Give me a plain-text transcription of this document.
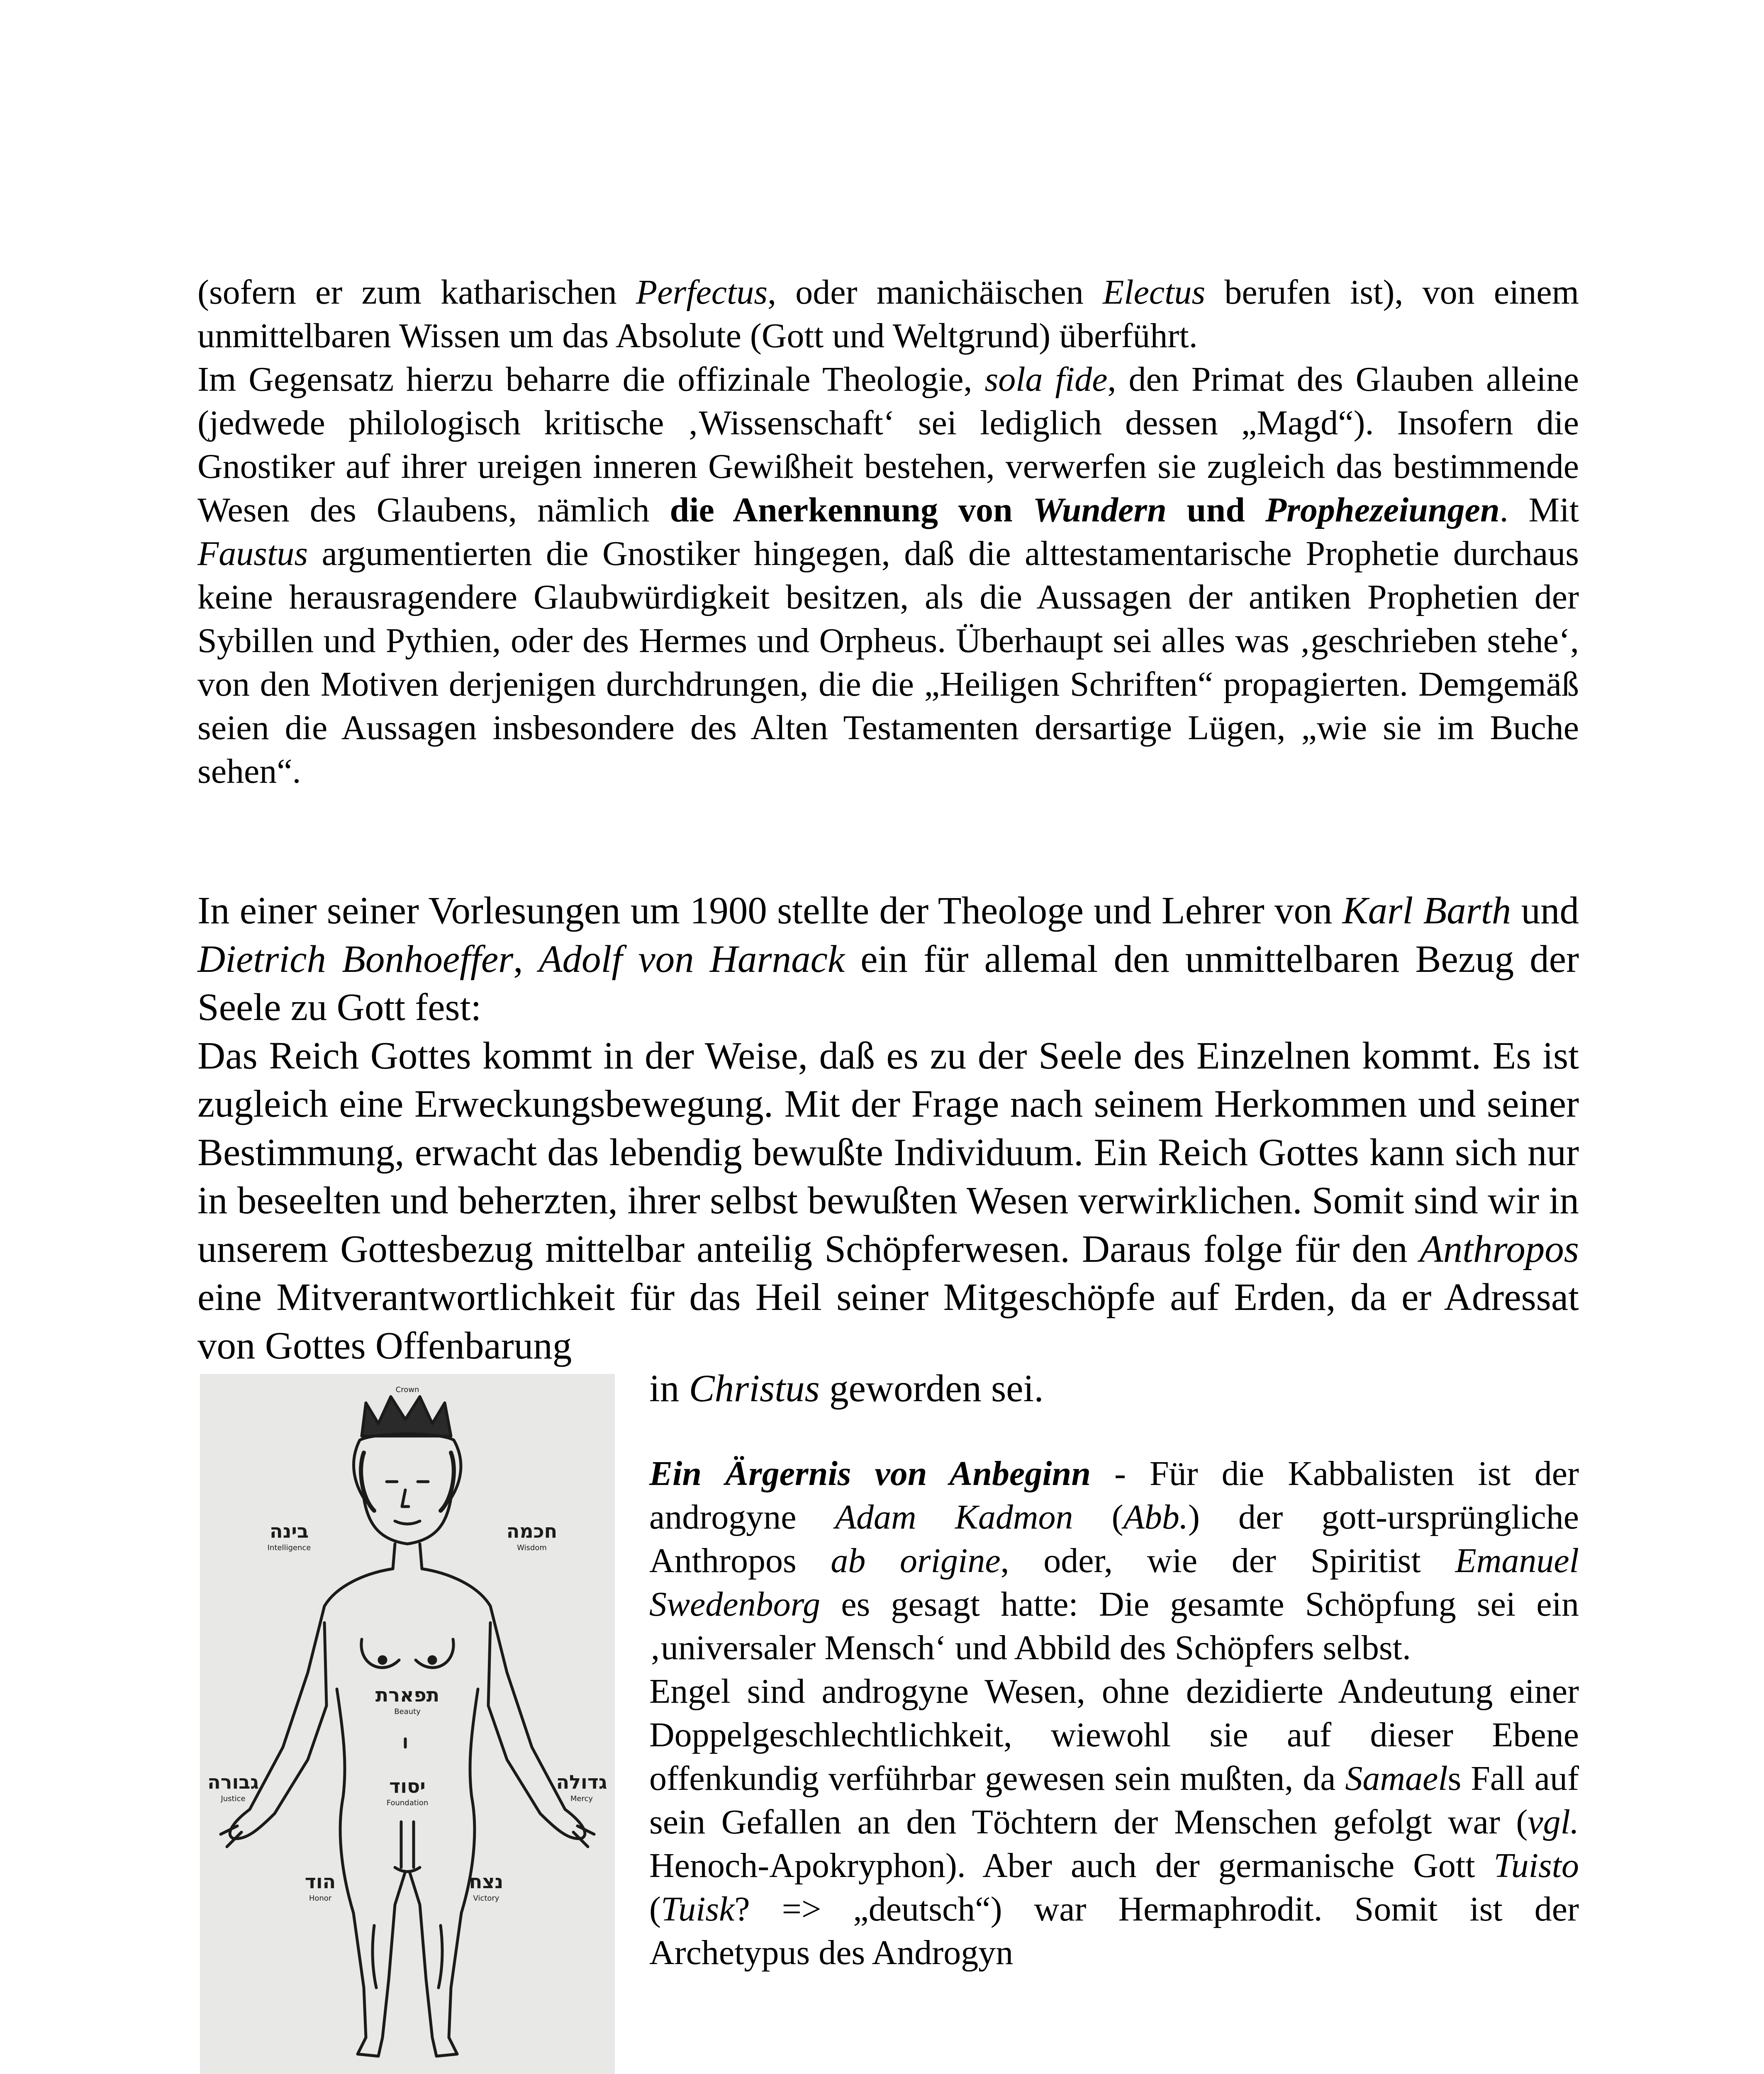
(sofern er zum katharischen Perfectus, oder manichäischen Electus berufen ist), von einem unmittelbaren Wissen um das Absolute (Gott und Weltgrund) überführt.
Im Gegensatz hierzu beharre die offizinale Theologie, sola fide, den Primat des Glauben alleine (jedwede philologisch kritische ‚Wissenschaft‘ sei lediglich dessen „Magd“). Insofern die Gnostiker auf ihrer ureigen inneren Gewißheit bestehen, verwerfen sie zugleich das bestimmende Wesen des Glaubens, nämlich die Anerkennung von Wundern und Prophezeiungen. Mit Faustus argumentierten die Gnostiker hingegen, daß die alttestamentarische Prophetie durchaus keine herausragendere Glaubwürdigkeit besitzen, als die Aussagen der antiken Prophetien der Sybillen und Pythien, oder des Hermes und Orpheus. Überhaupt sei alles was ‚geschrieben stehe‘, von den Motiven derjenigen durchdrungen, die die „Heiligen Schriften“ propagierten. Demgemäß seien die Aussagen insbesondere des Alten Testamenten dersartige Lügen, „wie sie im Buche sehen“.

In einer seiner Vorlesungen um 1900 stellte der Theologe und Lehrer von Karl Barth und Dietrich Bonhoeffer, Adolf von Harnack ein für allemal den unmittelbaren Bezug der Seele zu Gott fest:
Das Reich Gottes kommt in der Weise, daß es zu der Seele des Einzelnen kommt. Es ist zugleich eine Erweckungsbewegung. Mit der Frage nach seinem Herkommen und seiner Bestimmung, erwacht das lebendig bewußte Individuum. Ein Reich Gottes kann sich nur in beseelten und beherzten, ihrer selbst bewußten Wesen verwirklichen. Somit sind wir in unserem Gottesbezug mittelbar anteilig Schöpferwesen. Daraus folge für den Anthropos eine Mitverantwortlichkeit für das Heil seiner Mitgeschöpfe auf Erden, da er Adressat von Gottes Offenbarung

in Christus geworden sei.
Crown
בינה
Intelligence
חכמה
Wisdom
תפארת
Beauty
יסוד
Foundation
גבורה
Justice
גדולה
Mercy
הוד
Honor
נצח
Victory

Ein Ärgernis von Anbeginn - Für die Kabbalisten ist der androgyne Adam Kadmon (Abb.) der gott-ursprüngliche Anthropos ab origine, oder, wie der Spiritist Emanuel Swedenborg es gesagt hatte: Die gesamte Schöpfung sei ein ‚universaler Mensch‘ und Abbild des Schöpfers selbst.
Engel sind androgyne Wesen, ohne dezidierte Andeutung einer Doppelgeschlechtlichkeit, wiewohl sie auf dieser Ebene offenkundig verführbar gewesen sein mußten, da Samaels Fall auf sein Gefallen an den Töchtern der Menschen gefolgt war (vgl. Henoch-Apokryphon). Aber auch der germanische Gott Tuisto (Tuisk? => „deutsch“) war Hermaphrodit. Somit ist der Archetypus des Androgyn
